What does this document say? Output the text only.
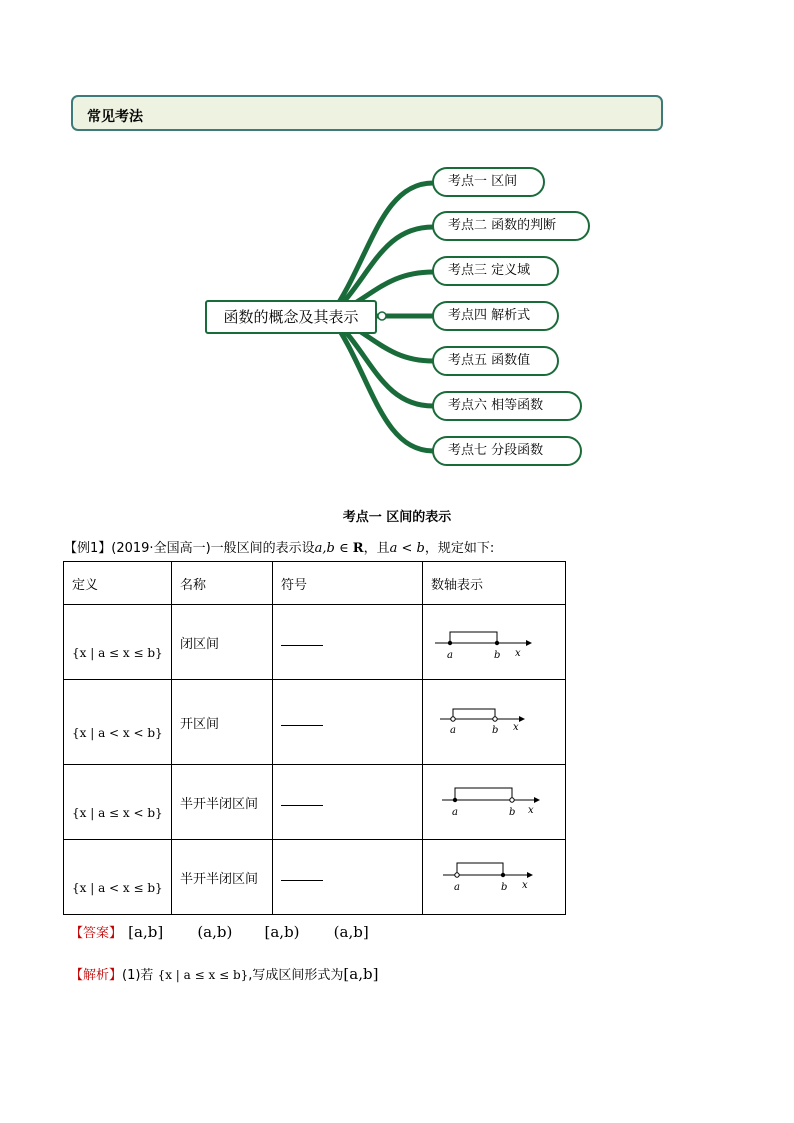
常见考法
函数的概念及其表示
考点一 区间
考点二 函数的判断
考点三 定义域
考点四 解析式
考点五 函数值
考点六 相等函数
考点七 分段函数
考点一 区间的表示
【例1】(2019·全国高一)一般区间的表示设a,b ∈ R，且a < b，规定如下:
定义	名称	符号	数轴表示

{x | a ≤ x ≤ b}	闭区间		a b x

{x | a < x < b}	开区间		a b x

{x | a ≤ x < b}	半开半闭区间		a b x

{x | a < x ≤ b}	半开半闭区间		a b x
【答案】 [a,b] (a,b) [a,b) (a,b]
【解析】(1)若 {x | a ≤ x ≤ b},写成区间形式为[a,b]
